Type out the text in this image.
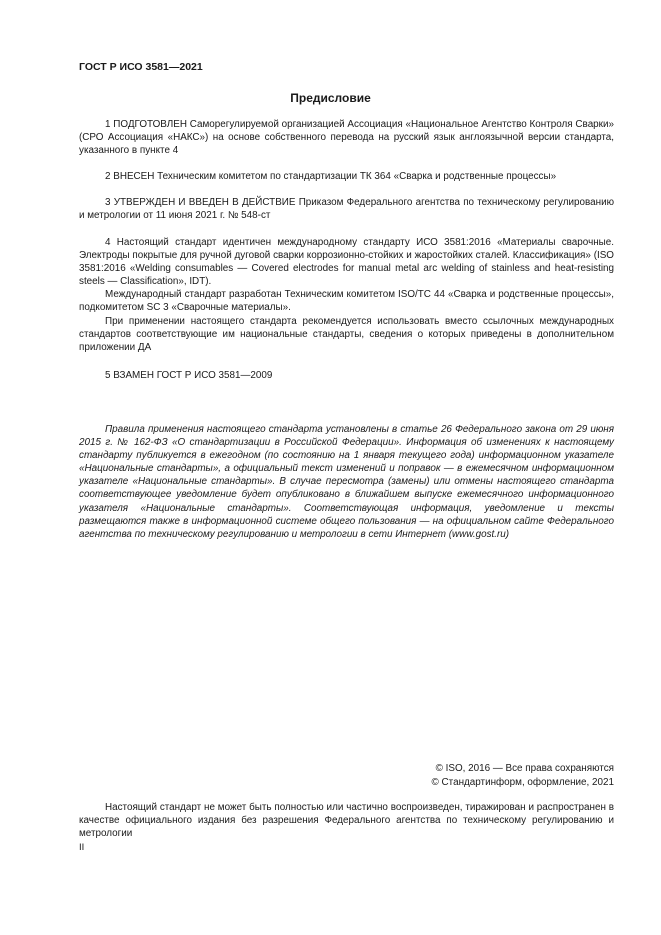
ГОСТ Р ИСО 3581—2021
Предисловие

1 ПОДГОТОВЛЕН Саморегулируемой организацией Ассоциация «Национальное Агентство Контроля Сварки» (СРО Ассоциация «НАКС») на основе собственного перевода на русский язык англоязычной версии стандарта, указанного в пункте 4

2 ВНЕСЕН Техническим комитетом по стандартизации ТК 364 «Сварка и родственные процессы»

3 УТВЕРЖДЕН И ВВЕДЕН В ДЕЙСТВИЕ Приказом Федерального агентства по техническому регулированию и метрологии от 11 июня 2021 г. № 548-ст

4 Настоящий стандарт идентичен международному стандарту ИСО 3581:2016 «Материалы сварочные. Электроды покрытые для ручной дуговой сварки коррозионно-стойких и жаростойких сталей. Классификация» (ISO 3581:2016 «Welding consumables — Covered electrodes for manual metal arc welding of stainless and heat-resisting steels — Classification», IDT).

Международный стандарт разработан Техническим комитетом ISO/TC 44 «Сварка и родственные процессы», подкомитетом SC 3 «Сварочные материалы».

При применении настоящего стандарта рекомендуется использовать вместо ссылочных международных стандартов соответствующие им национальные стандарты, сведения о которых приведены в дополнительном приложении ДА

5 ВЗАМЕН ГОСТ Р ИСО 3581—2009

Правила применения настоящего стандарта установлены в статье 26 Федерального закона от 29 июня 2015 г. № 162-ФЗ «О стандартизации в Российской Федерации». Информация об изменениях к настоящему стандарту публикуется в ежегодном (по состоянию на 1 января текущего года) информационном указателе «Национальные стандарты», а официальный текст изменений и поправок — в ежемесячном информационном указателе «Национальные стандарты». В случае пересмотра (замены) или отмены настоящего стандарта соответствующее уведомление будет опубликовано в ближайшем выпуске ежемесячного информационного указателя «Национальные стандарты». Соответствующая информация, уведомление и тексты размещаются также в информационной системе общего пользования — на официальном сайте Федерального агентства по техническому регулированию и метрологии в сети Интернет (www.gost.ru)

© ISO, 2016 — Все права сохраняются
© Стандартинформ, оформление, 2021

Настоящий стандарт не может быть полностью или частично воспроизведен, тиражирован и распространен в качестве официального издания без разрешения Федерального агентства по техническому регулированию и метрологии

II
